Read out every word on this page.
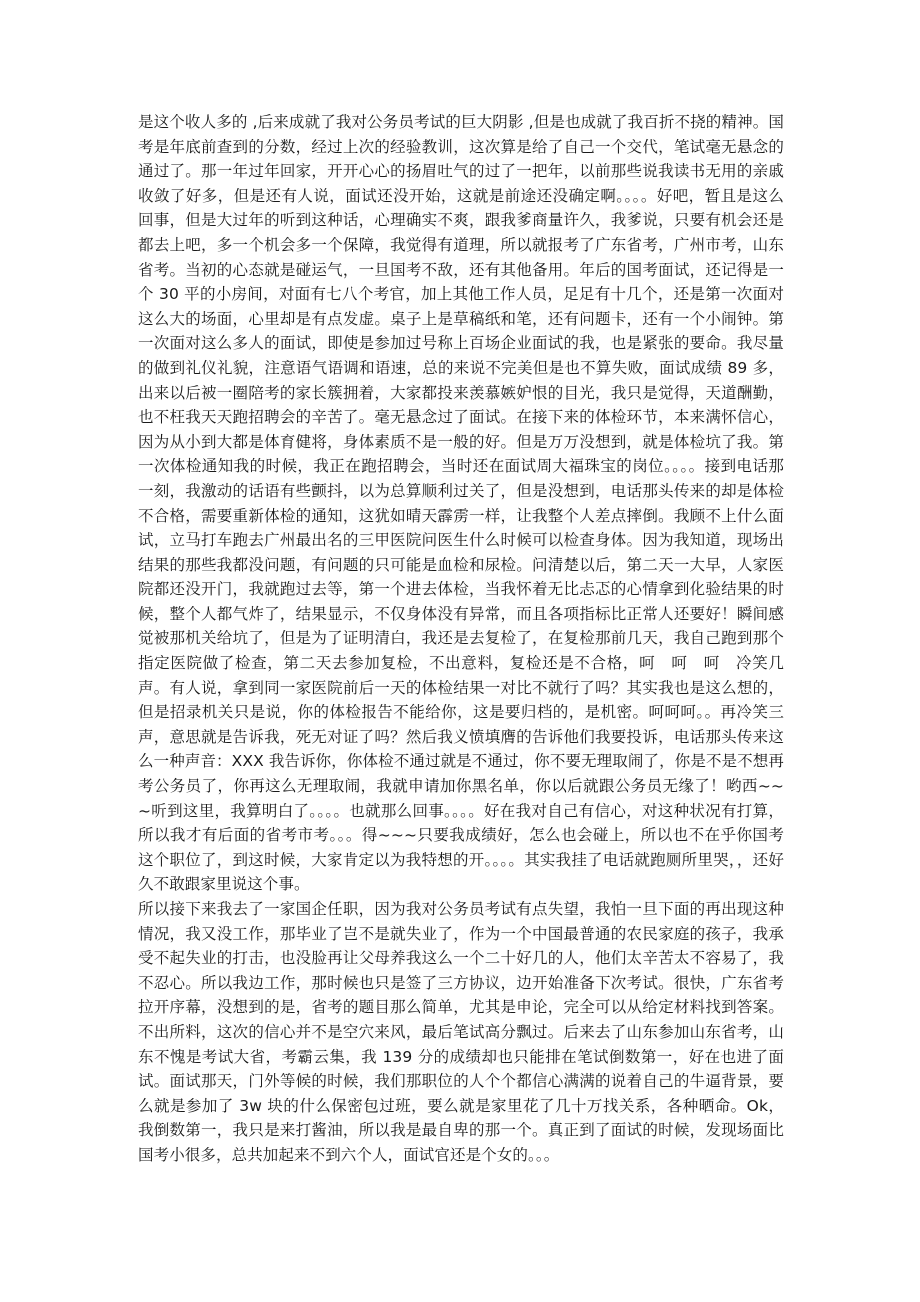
是这个收人多的 ,后来成就了我对公务员考试的巨大阴影 ,但是也成就了我百折不挠的精神。国考是年底前查到的分数，经过上次的经验教训，这次算是给了自己一个交代，笔试毫无悬念的通过了。那一年过年回家，开开心心的扬眉吐气的过了一把年，以前那些说我读书无用的亲戚收敛了好多，但是还有人说，面试还没开始，这就是前途还没确定啊。。。。好吧，暂且是这么回事，但是大过年的听到这种话，心理确实不爽，跟我爹商量许久，我爹说，只要有机会还是都去上吧，多一个机会多一个保障，我觉得有道理，所以就报考了广东省考，广州市考，山东省考。当初的心态就是碰运气，一旦国考不敌，还有其他备用。年后的国考面试，还记得是一个 30 平的小房间，对面有七八个考官，加上其他工作人员，足足有十几个，还是第一次面对这么大的场面，心里却是有点发虚。桌子上是草稿纸和笔，还有问题卡，还有一个小闹钟。第一次面对这么多人的面试，即使是参加过号称上百场企业面试的我，也是紧张的要命。我尽量的做到礼仪礼貌，注意语气语调和语速，总的来说不完美但是也不算失败，面试成绩 89 多，出来以后被一圈陪考的家长簇拥着，大家都投来羡慕嫉妒恨的目光，我只是觉得，天道酬勤，也不枉我天天跑招聘会的辛苦了。毫无悬念过了面试。在接下来的体检环节，本来满怀信心，因为从小到大都是体育健将，身体素质不是一般的好。但是万万没想到，就是体检坑了我。第一次体检通知我的时候，我正在跑招聘会，当时还在面试周大福珠宝的岗位。。。。接到电话那一刻，我激动的话语有些颤抖，以为总算顺利过关了，但是没想到，电话那头传来的却是体检不合格，需要重新体检的通知，这犹如晴天霹雳一样，让我整个人差点摔倒。我顾不上什么面试，立马打车跑去广州最出名的三甲医院问医生什么时候可以检查身体。因为我知道，现场出结果的那些我都没问题，有问题的只可能是血检和尿检。问清楚以后，第二天一大早，人家医院都还没开门，我就跑过去等，第一个进去体检，当我怀着无比忐忑的心情拿到化验结果的时候，整个人都气炸了，结果显示，不仅身体没有异常，而且各项指标比正常人还要好！瞬间感觉被那机关给坑了，但是为了证明清白，我还是去复检了，在复检那前几天，我自己跑到那个指定医院做了检查，第二天去参加复检，不出意料，复检还是不合格，呵　呵　呵　冷笑几声。有人说，拿到同一家医院前后一天的体检结果一对比不就行了吗？其实我也是这么想的，但是招录机关只是说，你的体检报告不能给你，这是要归档的，是机密。呵呵呵。。再冷笑三声，意思就是告诉我，死无对证了吗？然后我义愤填膺的告诉他们我要投诉，电话那头传来这么一种声音：XXX 我告诉你，你体检不通过就是不通过，你不要无理取闹了，你是不是不想再考公务员了，你再这么无理取闹，我就申请加你黑名单，你以后就跟公务员无缘了！哟西~~~听到这里，我算明白了。。。。也就那么回事。。。。好在我对自己有信心，对这种状况有打算，所以我才有后面的省考市考。。。得~~~只要我成绩好，怎么也会碰上，所以也不在乎你国考这个职位了，到这时候，大家肯定以为我特想的开。。。。其实我挂了电话就跑厕所里哭，，还好久不敢跟家里说这个事。

所以接下来我去了一家国企任职，因为我对公务员考试有点失望，我怕一旦下面的再出现这种情况，我又没工作，那毕业了岂不是就失业了，作为一个中国最普通的农民家庭的孩子，我承受不起失业的打击，也没脸再让父母养我这么一个二十好几的人，他们太辛苦太不容易了，我不忍心。所以我边工作，那时候也只是签了三方协议，边开始准备下次考试。很快，广东省考拉开序幕，没想到的是，省考的题目那么简单，尤其是申论，完全可以从给定材料找到答案。不出所料，这次的信心并不是空穴来风，最后笔试高分飘过。后来去了山东参加山东省考，山东不愧是考试大省，考霸云集，我 139 分的成绩却也只能排在笔试倒数第一，好在也进了面试。面试那天，门外等候的时候，我们那职位的人个个都信心满满的说着自己的牛逼背景，要么就是参加了 3w 块的什么保密包过班，要么就是家里花了几十万找关系，各种晒命。Ok，我倒数第一，我只是来打酱油，所以我是最自卑的那一个。真正到了面试的时候，发现场面比国考小很多，总共加起来不到六个人，面试官还是个女的。。。
